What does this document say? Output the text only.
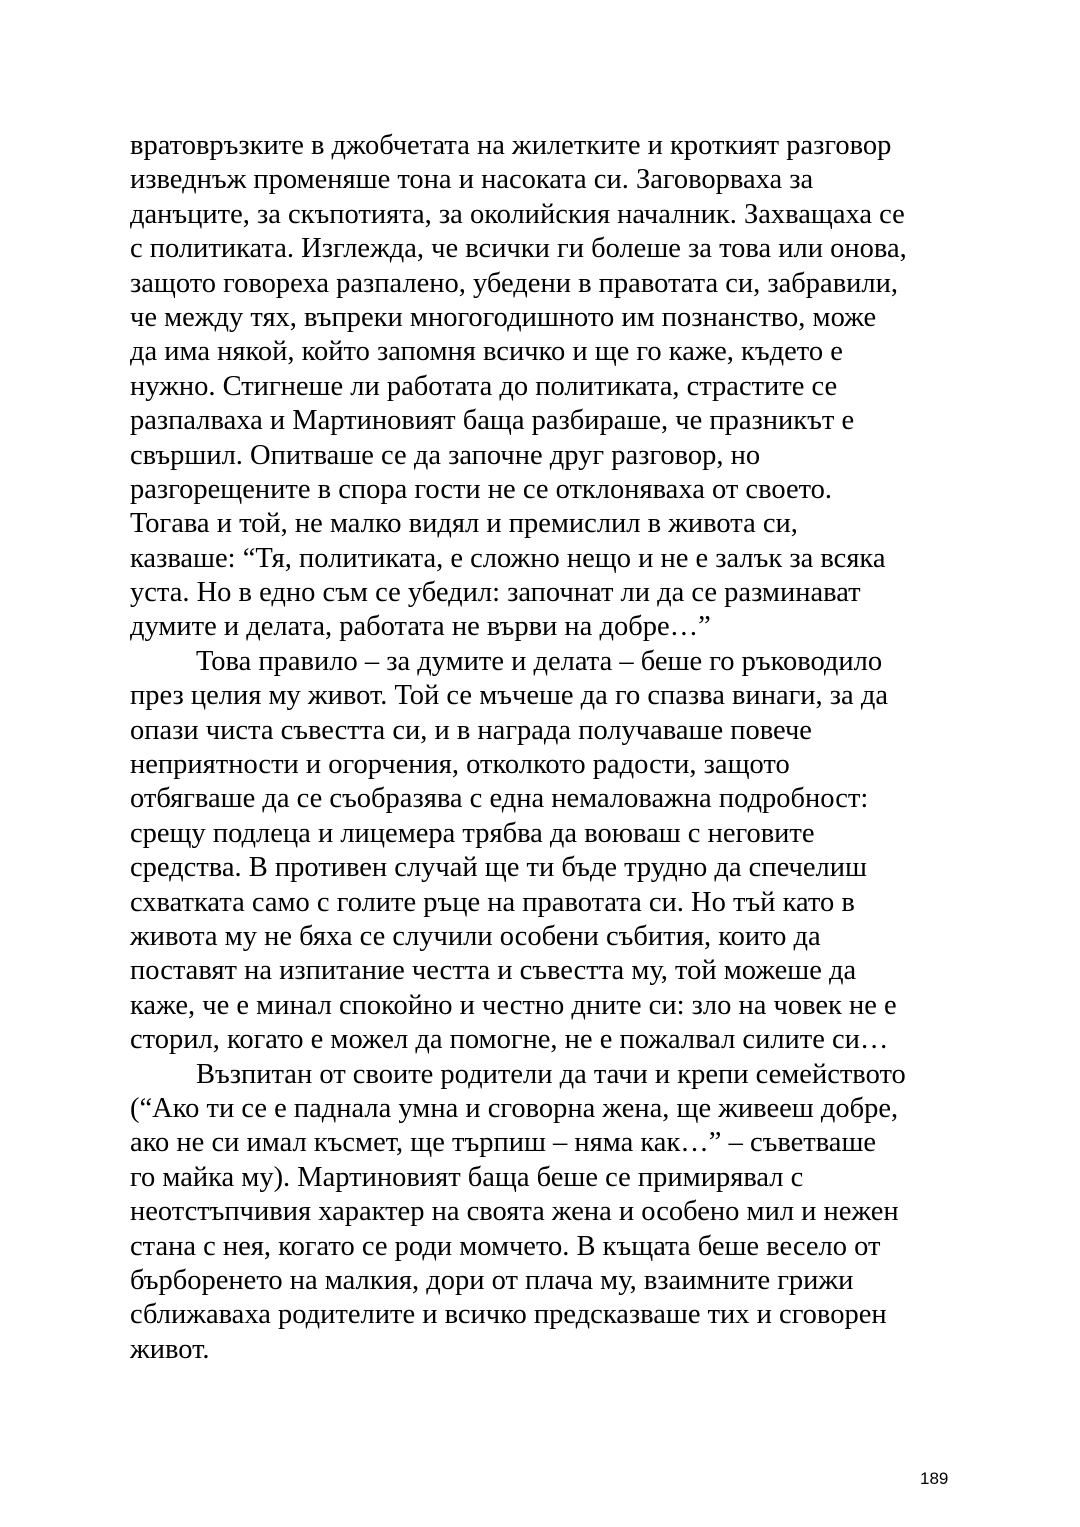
вратовръзките в джобчетата на жилетките и кроткият разговор
изведнъж променяше тона и насоката си. Заговорваха за
данъците, за скъпотията, за околийския началник. Захващаха се
с политиката. Изглежда, че всички ги болеше за това или онова,
защото говореха разпалено, убедени в правотата си, забравили,
че между тях, въпреки многогодишното им познанство, може
да има някой, който запомня всичко и ще го каже, където е
нужно. Стигнеше ли работата до политиката, страстите се
разпалваха и Мартиновият баща разбираше, че празникът е
свършил. Опитваше се да започне друг разговор, но
разгорещените в спора гости не се отклоняваха от своето.
Тогава и той, не малко видял и премислил в живота си,
казваше: “Тя, политиката, е сложно нещо и не е залък за всяка
уста. Но в едно съм се убедил: започнат ли да се разминават
думите и делата, работата не върви на добре…”
Това правило – за думите и делата – беше го ръководило
през целия му живот. Той се мъчеше да го спазва винаги, за да
опази чиста съвестта си, и в награда получаваше повече
неприятности и огорчения, отколкото радости, защото
отбягваше да се съобразява с една немаловажна подробност:
срещу подлеца и лицемера трябва да воюваш с неговите
средства. В противен случай ще ти бъде трудно да спечелиш
схватката само с голите ръце на правотата си. Но тъй като в
живота му не бяха се случили особени събития, които да
поставят на изпитание честта и съвестта му, той можеше да
каже, че е минал спокойно и честно дните си: зло на човек не е
сторил, когато е можел да помогне, не е пожалвал силите си…
Възпитан от своите родители да тачи и крепи семейството
(“Ако ти се е паднала умна и сговорна жена, ще живееш добре,
ако не си имал късмет, ще търпиш – няма как…” – съветваше
го майка му). Мартиновият баща беше се примирявал с
неотстъпчивия характер на своята жена и особено мил и нежен
стана с нея, когато се роди момчето. В къщата беше весело от
бърборенето на малкия, дори от плача му, взаимните грижи
сближаваха родителите и всичко предсказваше тих и сговорен
живот.
189
